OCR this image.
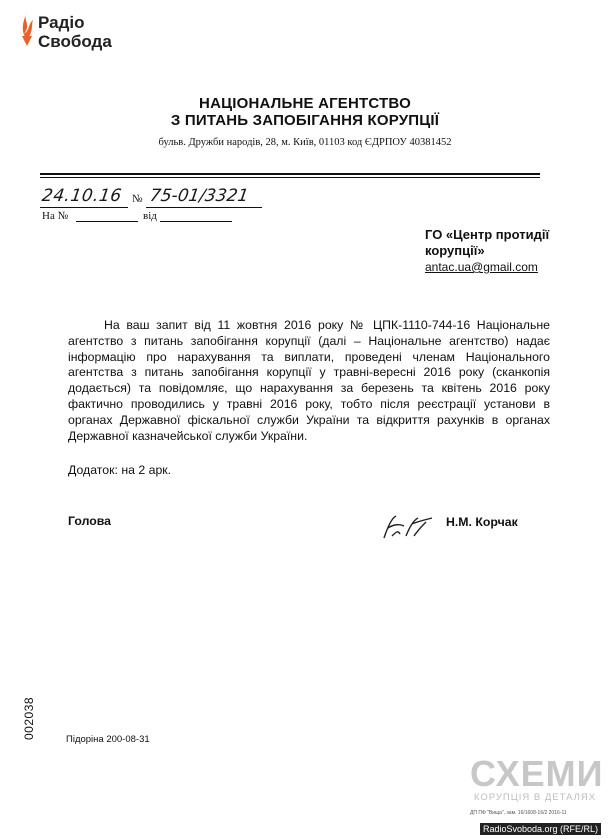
Радіо
Свобода
НАЦІОНАЛЬНЕ АГЕНТСТВО
З ПИТАНЬ ЗАПОБІГАННЯ КОРУПЦІЇ
бульв. Дружби народів, 28, м. Київ, 01103 код ЄДРПОУ 40381452
24.10.16 № 75-01/3321
На №	від
ГО «Центр протидії
корупції»
antac.ua@gmail.com
На ваш запит від 11 жовтня 2016 року № ЦПК-1110-744-16 Національне агентство з питань запобігання корупції (далі – Національне агентство) надає інформацію про нарахування та виплати, проведені членам Національного агентства з питань запобігання корупції у травні-вересні 2016 року (сканкопія додається) та повідомляє, що нарахування за березень та квітень 2016 року фактично проводились у травні 2016 року, тобто після реєстрації установи в органах Державної фіскальної служби України та відкриття рахунків в органах Державної казначейської служби України.
Додаток: на 2 арк.
Голова	Н.М. Корчак
002038	Підоріна 200-08-31
СХЕМИ
КОРУПЦІЯ В ДЕТАЛЯХ
ДП ПФ "Вища", зам. 16/1608-16/2 2016-11
RadioSvoboda.org (RFE/RL)
